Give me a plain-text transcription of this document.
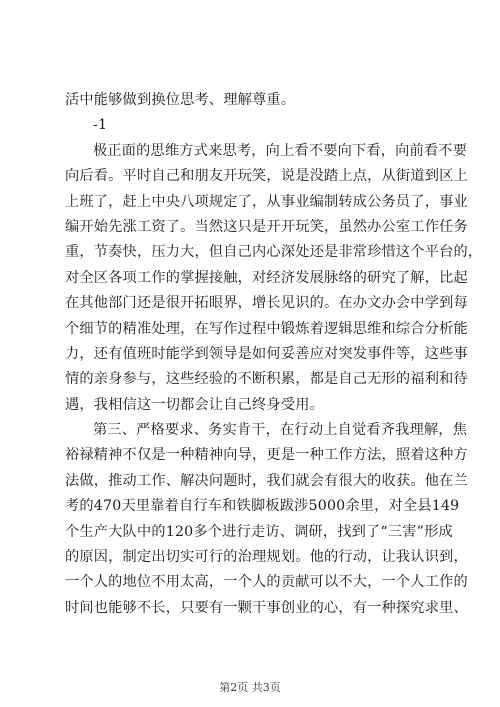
活中能够做到换位思考、理解尊重。
-1
极正面的思维方式来思考，向上看不要向下看，向前看不要
向后看。平时自己和朋友开玩笑，说是没踏上点，从街道到区上
上班了，赶上中央八项规定了，从事业编制转成公务员了，事业
编开始先涨工资了。当然这只是开开玩笑，虽然办公室工作任务
重，节奏快，压力大，但自己内心深处还是非常珍惜这个平台的，
对全区各项工作的掌握接触，对经济发展脉络的研究了解，比起
在其他部门还是很开拓眼界，增长见识的。在办文办会中学到每
个细节的精准处理，在写作过程中锻炼着逻辑思维和综合分析能
力，还有值班时能学到领导是如何妥善应对突发事件等，这些事
情的亲身参与，这些经验的不断积累，都是自己无形的福利和待
遇，我相信这一切都会让自己终身受用。
第三、严格要求、务实肯干，在行动上自觉看齐我理解，焦
裕禄精神不仅是一种精神向导，更是一种工作方法，照着这种方
法做，推动工作、解决问题时，我们就会有很大的收获。他在兰
考的470天里靠着自行车和铁脚板跋涉5000余里，对全县149
个生产大队中的120多个进行走访、调研，找到了“三害”形成
的原因，制定出切实可行的治理规划。他的行动，让我认识到，
一个人的地位不用太高，一个人的贡献可以不大，一个人工作的
时间也能够不长，只要有一颗干事创业的心，有一种探究求里、
第2页 共3页
